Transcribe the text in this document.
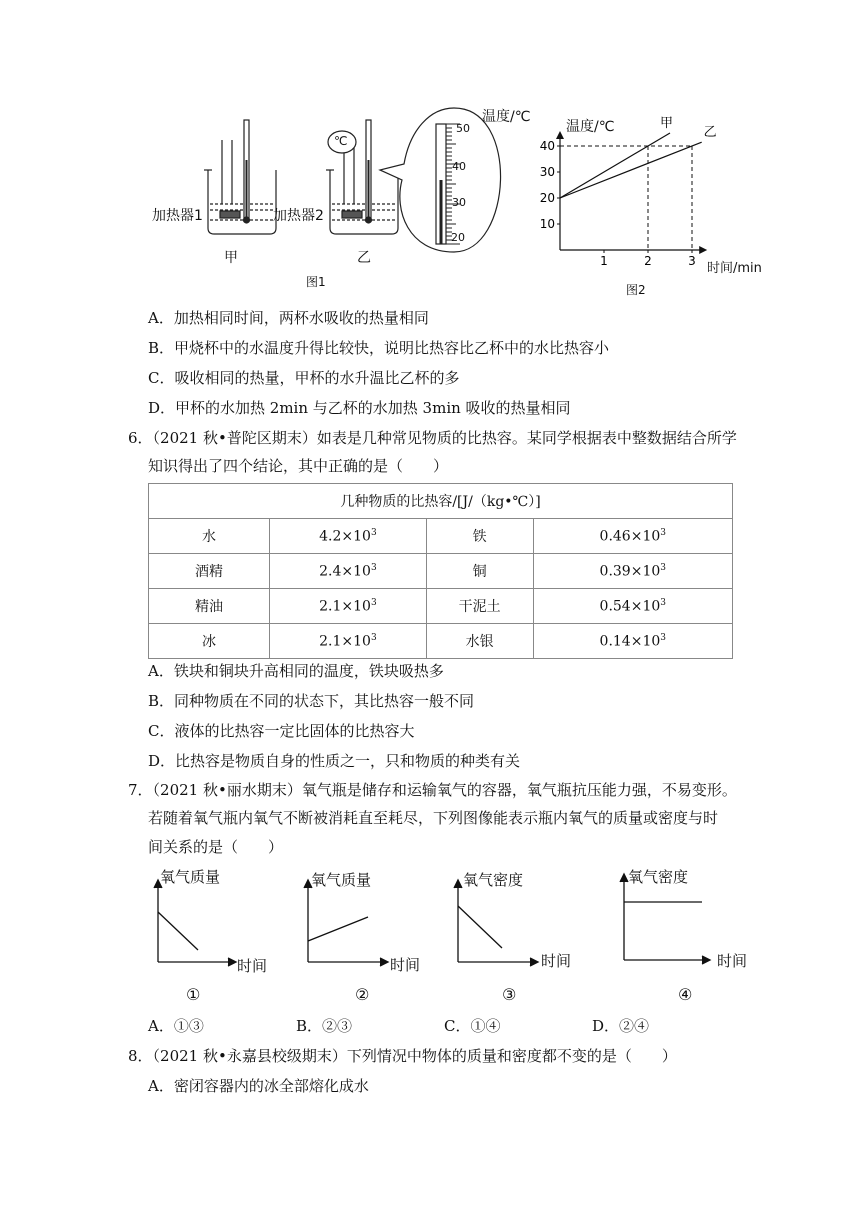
加热器1	加热器2
甲	乙
图1
℃
50
40
30
20
温度/℃
40
30
20
10
1	2	3
甲
乙
温度/℃
时间/min
图2
A．加热相同时间，两杯水吸收的热量相同
B．甲烧杯中的水温度升得比较快，说明比热容比乙杯中的水比热容小
C．吸收相同的热量，甲杯的水升温比乙杯的多
D．甲杯的水加热 2min 与乙杯的水加热 3min 吸收的热量相同
6．（2021 秋•普陀区期末）如表是几种常见物质的比热容。某同学根据表中整数据结合所学
知识得出了四个结论，其中正确的是（　　）
几种物质的比热容/[J/（kg•℃）]			
水	$4.2\times 10^3$	铁	$0.46\times 10^3$
酒精	$2.4\times 10^3$	铜	$0.39\times 10^3$
精油	$2.1\times 10^3$	干泥土	$0.54\times 10^3$
冰	$2.1\times 10^3$	水银	$0.14\times 10^3$
A．铁块和铜块升高相同的温度，铁块吸热多
B．同种物质在不同的状态下，其比热容一般不同
C．液体的比热容一定比固体的比热容大
D．比热容是物质自身的性质之一，只和物质的种类有关
7．（2021 秋•丽水期末）氧气瓶是储存和运输氧气的容器，氧气瓶抗压能力强，不易变形。
若随着氧气瓶内氧气不断被消耗直至耗尽，下列图像能表示瓶内氧气的质量或密度与时
间关系的是（　　）
氧气质量
时间
①
氧气质量
时间
②
氧气密度
时间
③
氧气密度
时间
④
A．①③	B．②③	C．①④	D．②④
8．（2021 秋•永嘉县校级期末）下列情况中物体的质量和密度都不变的是（　　）
A．密闭容器内的冰全部熔化成水
